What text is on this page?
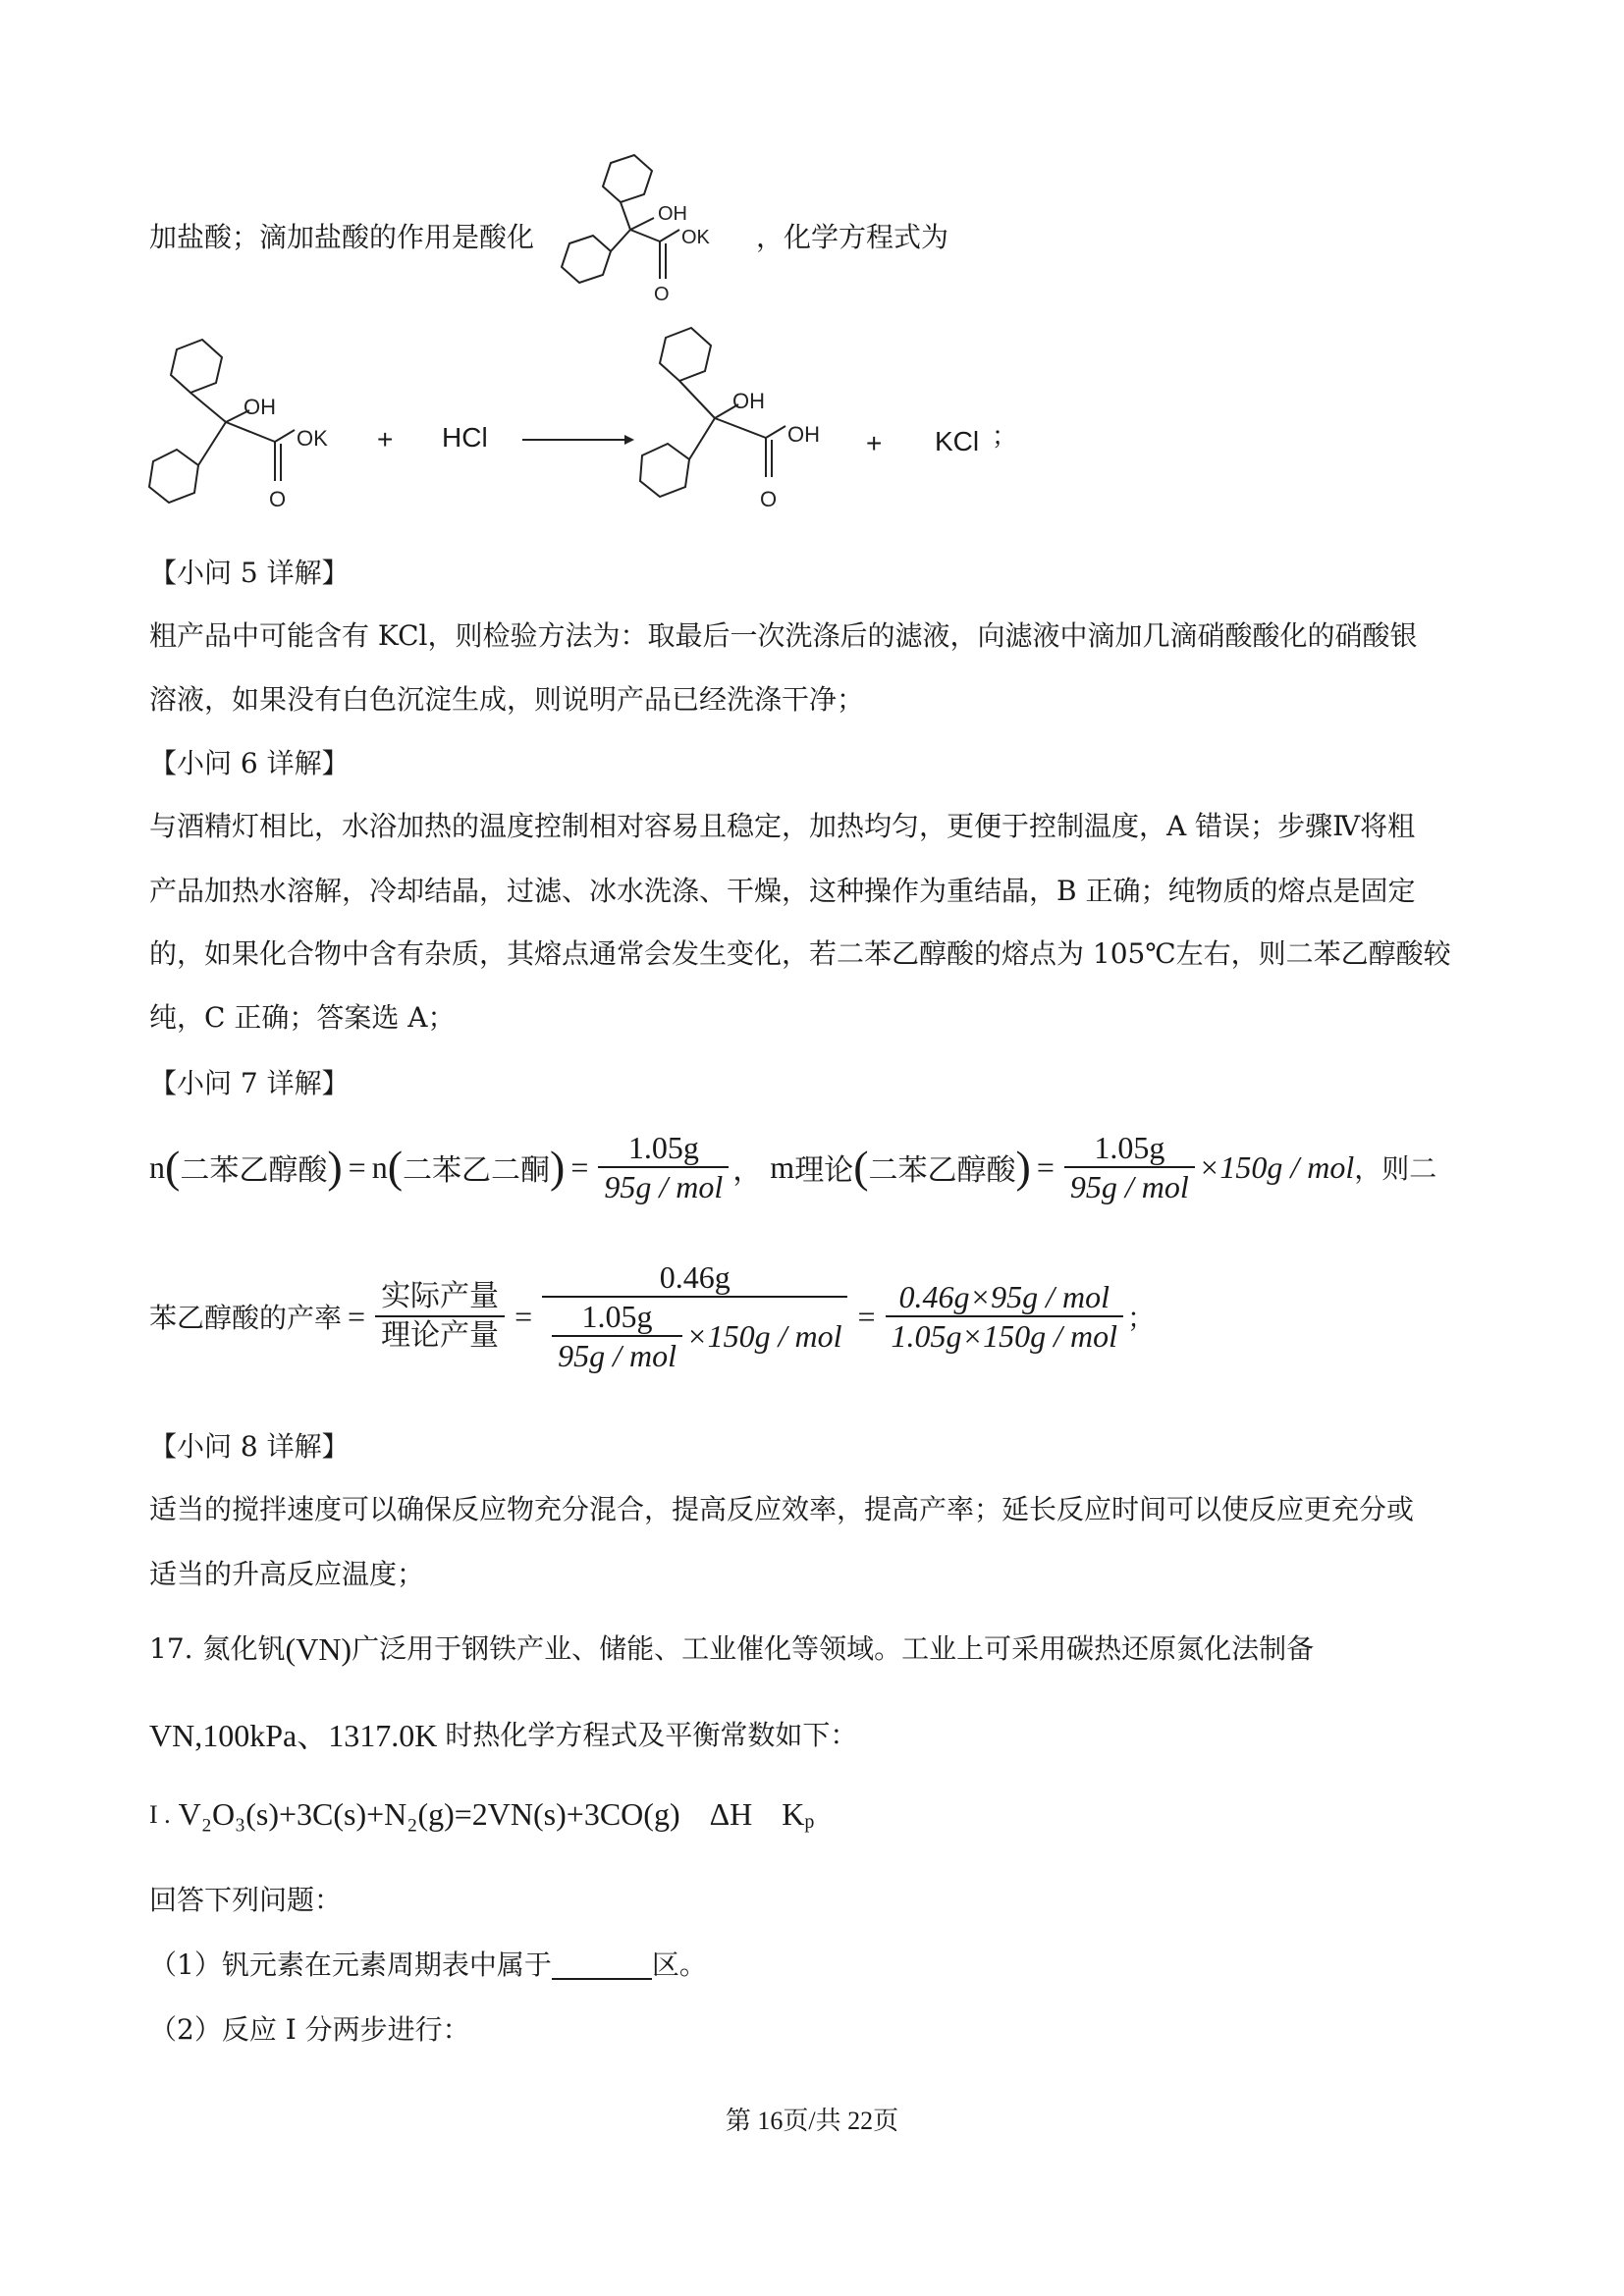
加盐酸；滴加盐酸的作用是酸化
OH
OK
O
，化学方程式为
OH
OK
O
+ HCl
OH
OH
O
+ KCl ；
【小问 5 详解】
粗产品中可能含有 KCl，则检验方法为：取最后一次洗涤后的滤液，向滤液中滴加几滴硝酸酸化的硝酸银
溶液，如果没有白色沉淀生成，则说明产品已经洗涤干净；
【小问 6 详解】
与酒精灯相比，水浴加热的温度控制相对容易且稳定，加热均匀，更便于控制温度，A 错误；步骤Ⅳ将粗
产品加热水溶解，冷却结晶，过滤、冰水洗涤、干燥，这种操作为重结晶，B 正确；纯物质的熔点是固定
的，如果化合物中含有杂质，其熔点通常会发生变化，若二苯乙醇酸的熔点为 105℃左右，则二苯乙醇酸较
纯，C 正确；答案选 A；
【小问 7 详解】
n ( 二苯乙醇酸 ) = n ( 二苯乙二酮 ) = $\frac{1.05g}{\text{95g / mol}}$ ， m 理论 ( 二苯乙醇酸 ) = $\frac{1.05g}{\text{95g / mol}} \times 150g$ / mol ，则二
苯乙醇酸的产率 = $\frac{\text{实际产量}}{\text{理论产量}} = \frac{0.46g}{\frac{1.05g}{\text{95g / mol}} \times 150g / mol} = \frac{\text{0.46g×95g / mol}}{\text{1.05g×150g / mol}}$ ；
【小问 8 详解】
适当的搅拌速度可以确保反应物充分混合，提高反应效率，提高产率；延长反应时间可以使反应更充分或
适当的升高反应温度；
17. 氮化钒 (VN) 广泛用于钢铁产业、储能、工业催化等领域。工业上可采用碳热还原氮化法制备
VN,100kPa、1317.0K 时热化学方程式及平衡常数如下：
I . V₂O₃(s)+3C(s)+N₂(g)=2VN(s)+3CO(g) ΔH K p
回答下列问题：
（1）钒元素在元素周期表中属于	区。
（2）反应 I 分两步进行：
第 16页/共 22页
